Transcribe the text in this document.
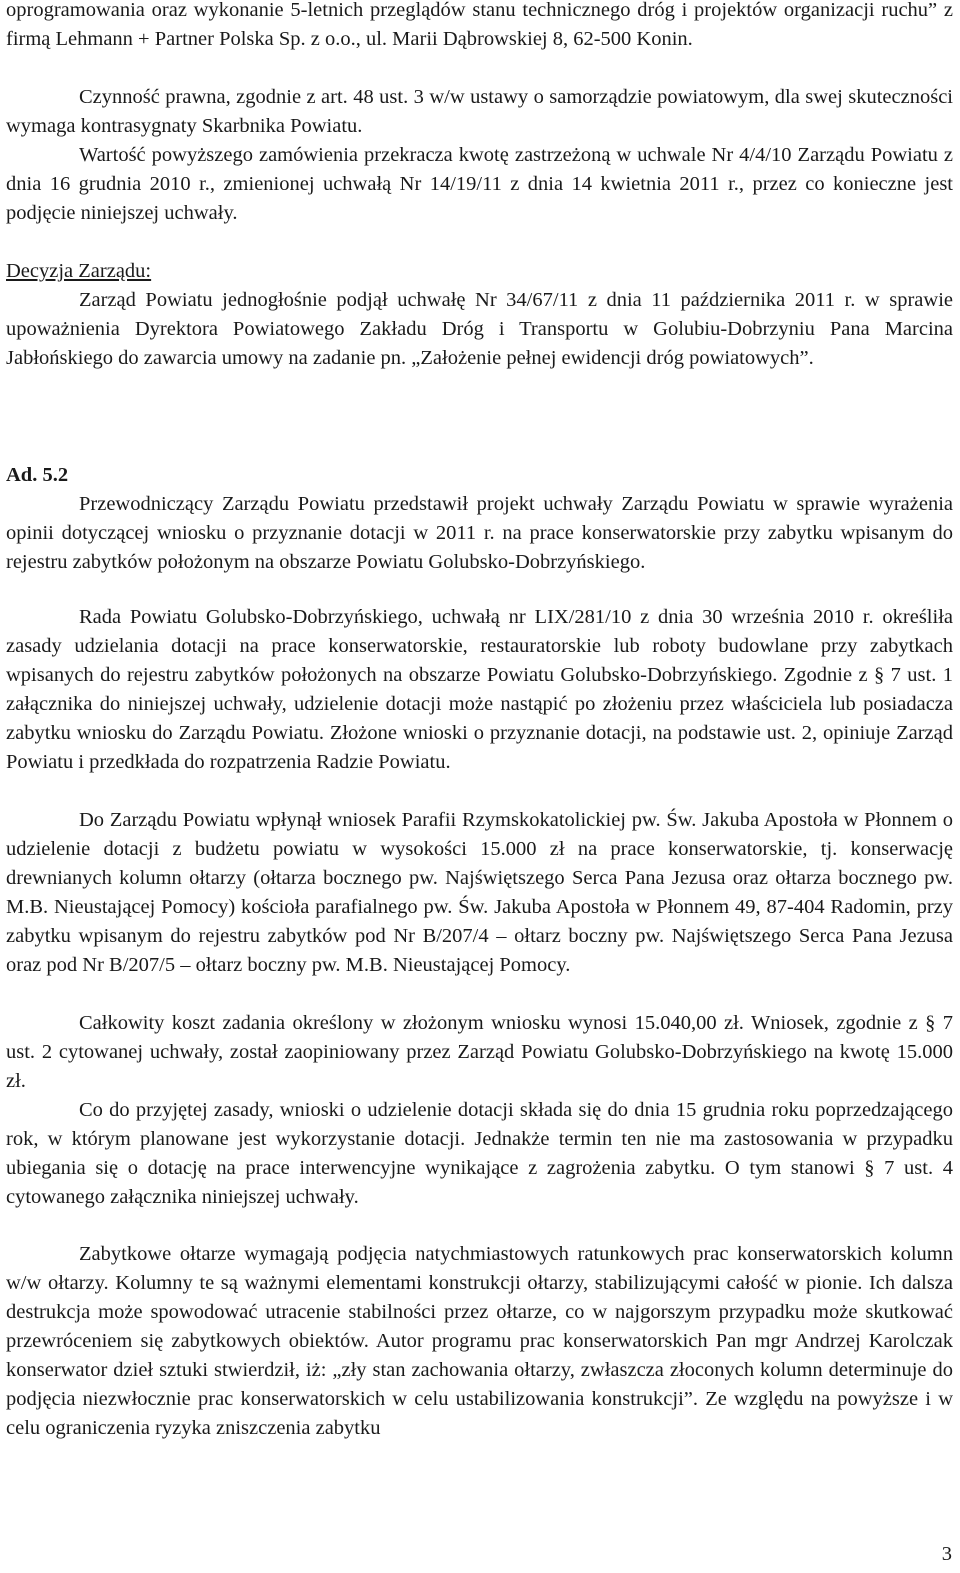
oprogramowania oraz wykonanie 5-letnich przeglądów stanu technicznego dróg i projektów organizacji ruchu” z firmą Lehmann + Partner Polska Sp. z o.o., ul. Marii Dąbrowskiej 8, 62-500 Konin.

Czynność prawna, zgodnie z art. 48 ust. 3 w/w ustawy o samorządzie powiatowym, dla swej skuteczności wymaga kontrasygnaty Skarbnika Powiatu.

Wartość powyższego zamówienia przekracza kwotę zastrzeżoną w uchwale Nr 4/4/10 Zarządu Powiatu z dnia 16 grudnia 2010 r., zmienionej uchwałą Nr 14/19/11 z dnia 14 kwietnia 2011 r., przez co konieczne jest podjęcie niniejszej uchwały.

Decyzja Zarządu:

Zarząd Powiatu jednogłośnie podjął uchwałę Nr 34/67/11 z dnia 11 października 2011 r. w sprawie upoważnienia Dyrektora Powiatowego Zakładu Dróg i Transportu w Golubiu-Dobrzyniu Pana Marcina Jabłońskiego do zawarcia umowy na zadanie pn. „Założenie pełnej ewidencji dróg powiatowych”.

Ad. 5.2

Przewodniczący Zarządu Powiatu przedstawił projekt uchwały Zarządu Powiatu w sprawie wyrażenia opinii dotyczącej wniosku o przyznanie dotacji w 2011 r. na prace konserwatorskie przy zabytku wpisanym do rejestru zabytków położonym na obszarze Powiatu Golubsko-Dobrzyńskiego.

Rada Powiatu Golubsko-Dobrzyńskiego, uchwałą nr LIX/281/10 z dnia 30 września 2010 r. określiła zasady udzielania dotacji na prace konserwatorskie, restauratorskie lub roboty budowlane przy zabytkach wpisanych do rejestru zabytków położonych na obszarze Powiatu Golubsko-Dobrzyńskiego. Zgodnie z § 7 ust. 1 załącznika do niniejszej uchwały, udzielenie dotacji może nastąpić po złożeniu przez właściciela lub posiadacza zabytku wniosku do Zarządu Powiatu. Złożone wnioski o przyznanie dotacji, na podstawie ust. 2, opiniuje Zarząd Powiatu i przedkłada do rozpatrzenia Radzie Powiatu.

Do Zarządu Powiatu wpłynął wniosek Parafii Rzymskokatolickiej pw. Św. Jakuba Apostoła w Płonnem o udzielenie dotacji z budżetu powiatu w wysokości 15.000 zł na prace konserwatorskie, tj. konserwację drewnianych kolumn ołtarzy (ołtarza bocznego pw. Najświętszego Serca Pana Jezusa oraz ołtarza bocznego pw. M.B. Nieustającej Pomocy) kościoła parafialnego pw. Św. Jakuba Apostoła w Płonnem 49, 87-404 Radomin, przy zabytku wpisanym do rejestru zabytków pod Nr B/207/4 – ołtarz boczny pw. Najświętszego Serca Pana Jezusa oraz pod Nr B/207/5 – ołtarz boczny pw. M.B. Nieustającej Pomocy.

Całkowity koszt zadania określony w złożonym wniosku wynosi 15.040,00 zł. Wniosek, zgodnie z § 7 ust. 2 cytowanej uchwały, został zaopiniowany przez Zarząd Powiatu Golubsko-Dobrzyńskiego na kwotę 15.000 zł.

Co do przyjętej zasady, wnioski o udzielenie dotacji składa się do dnia 15 grudnia roku poprzedzającego rok, w którym planowane jest wykorzystanie dotacji. Jednakże termin ten nie ma zastosowania w przypadku ubiegania się o dotację na prace interwencyjne wynikające z zagrożenia zabytku. O tym stanowi § 7 ust. 4 cytowanego załącznika niniejszej uchwały.

Zabytkowe ołtarze wymagają podjęcia natychmiastowych ratunkowych prac konserwatorskich kolumn w/w ołtarzy. Kolumny te są ważnymi elementami konstrukcji ołtarzy, stabilizującymi całość w pionie. Ich dalsza destrukcja może spowodować utracenie stabilności przez ołtarze, co w najgorszym przypadku może skutkować przewróceniem się zabytkowych obiektów. Autor programu prac konserwatorskich Pan mgr Andrzej Karolczak konserwator dzieł sztuki stwierdził, iż: „zły stan zachowania ołtarzy, zwłaszcza złoconych kolumn determinuje do podjęcia niezwłocznie prac konserwatorskich w celu ustabilizowania konstrukcji”. Ze względu na powyższe i w celu ograniczenia ryzyka zniszczenia zabytku

3
